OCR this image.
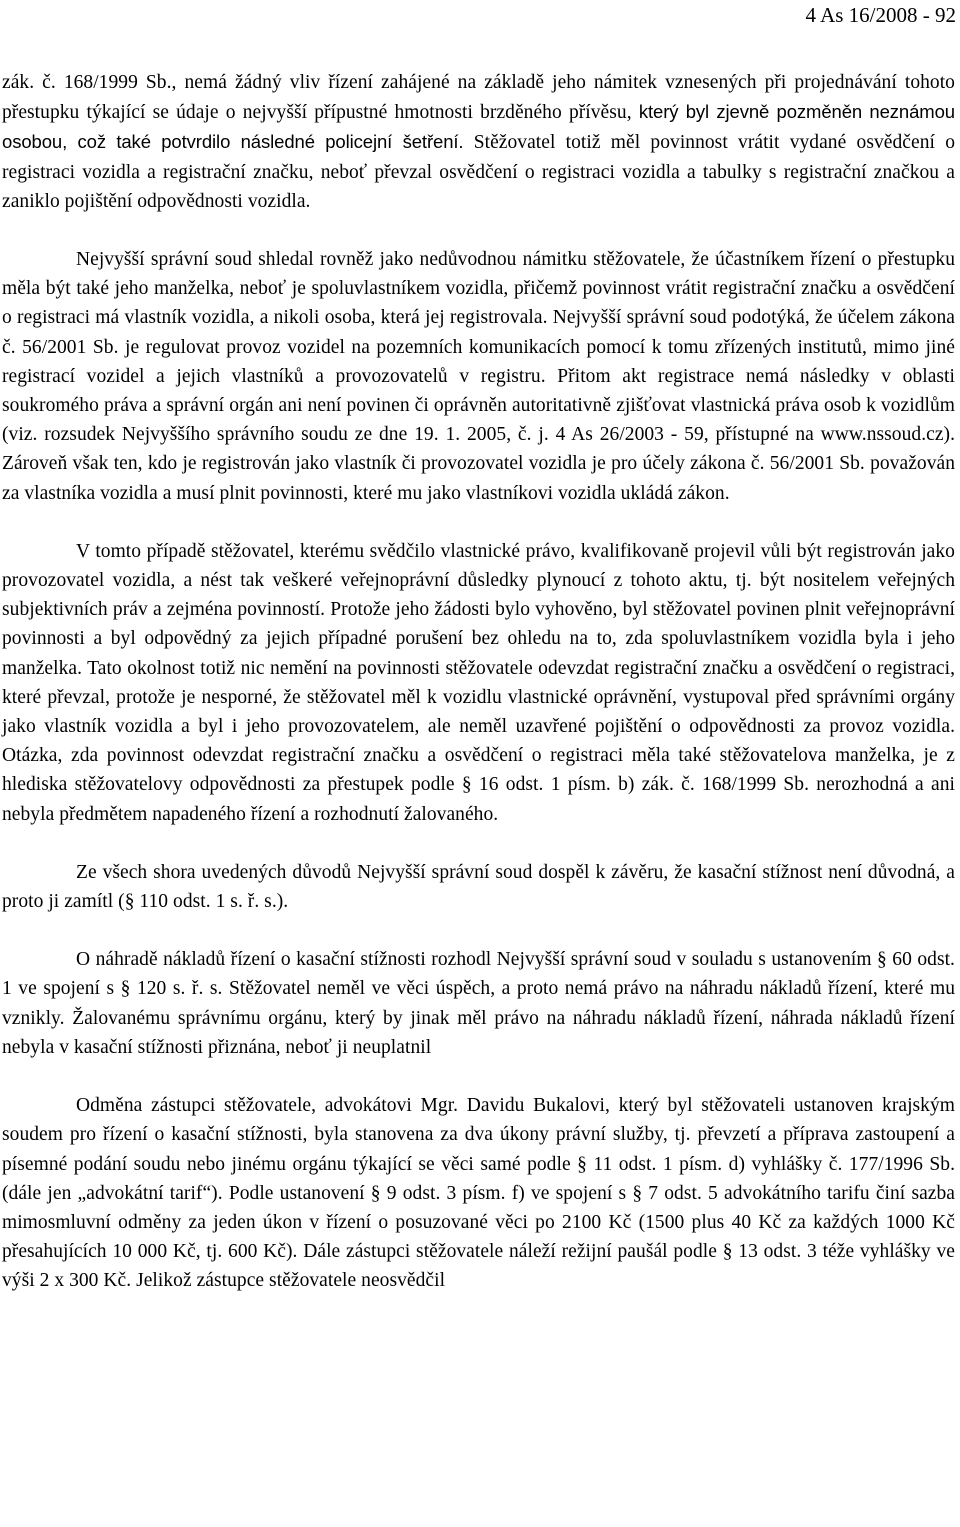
4 As 16/2008 - 92

zák. č. 168/1999 Sb., nemá žádný vliv řízení zahájené na základě jeho námitek vznesených při projednávání tohoto přestupku týkající se údaje o nejvyšší přípustné hmotnosti brzděného přívěsu, který byl zjevně pozměněn neznámou osobou, což také potvrdilo následné policejní šetření. Stěžovatel totiž měl povinnost vrátit vydané osvědčení o registraci vozidla a registrační značku, neboť převzal osvědčení o registraci vozidla a tabulky s registrační značkou a zaniklo pojištění odpovědnosti vozidla.

Nejvyšší správní soud shledal rovněž jako nedůvodnou námitku stěžovatele, že účastníkem řízení o přestupku měla být také jeho manželka, neboť je spoluvlastníkem vozidla, přičemž povinnost vrátit registrační značku a osvědčení o registraci má vlastník vozidla, a nikoli osoba, která jej registrovala. Nejvyšší správní soud podotýká, že účelem zákona č. 56/2001 Sb. je regulovat provoz vozidel na pozemních komunikacích pomocí k tomu zřízených institutů, mimo jiné registrací vozidel a jejich vlastníků a provozovatelů v registru. Přitom akt registrace nemá následky v oblasti soukromého práva a správní orgán ani není povinen či oprávněn autoritativně zjišťovat vlastnická práva osob k vozidlům (viz. rozsudek Nejvyššího správního soudu ze dne 19. 1. 2005, č. j. 4 As 26/2003 - 59, přístupné na www.nssoud.cz). Zároveň však ten, kdo je registrován jako vlastník či provozovatel vozidla je pro účely zákona č. 56/2001 Sb. považován za vlastníka vozidla a musí plnit povinnosti, které mu jako vlastníkovi vozidla ukládá zákon.

V tomto případě stěžovatel, kterému svědčilo vlastnické právo, kvalifikovaně projevil vůli být registrován jako provozovatel vozidla, a nést tak veškeré veřejnoprávní důsledky plynoucí z tohoto aktu, tj. být nositelem veřejných subjektivních práv a zejména povinností. Protože jeho žádosti bylo vyhověno, byl stěžovatel povinen plnit veřejnoprávní povinnosti a byl odpovědný za jejich případné porušení bez ohledu na to, zda spoluvlastníkem vozidla byla i jeho manželka. Tato okolnost totiž nic nemění na povinnosti stěžovatele odevzdat registrační značku a osvědčení o registraci, které převzal, protože je nesporné, že stěžovatel měl k vozidlu vlastnické oprávnění, vystupoval před správními orgány jako vlastník vozidla a byl i jeho provozovatelem, ale neměl uzavřené pojištění o odpovědnosti za provoz vozidla. Otázka, zda povinnost odevzdat registrační značku a osvědčení o registraci měla také stěžovatelova manželka, je z hlediska stěžovatelovy odpovědnosti za přestupek podle § 16 odst. 1 písm. b) zák. č. 168/1999 Sb. nerozhodná a ani nebyla předmětem napadeného řízení a rozhodnutí žalovaného.

Ze všech shora uvedených důvodů Nejvyšší správní soud dospěl k závěru, že kasační stížnost není důvodná, a proto ji zamítl (§ 110 odst. 1 s. ř. s.).

O náhradě nákladů řízení o kasační stížnosti rozhodl Nejvyšší správní soud v souladu s ustanovením § 60 odst. 1 ve spojení s § 120 s. ř. s. Stěžovatel neměl ve věci úspěch, a proto nemá právo na náhradu nákladů řízení, které mu vznikly. Žalovanému správnímu orgánu, který by jinak měl právo na náhradu nákladů řízení, náhrada nákladů řízení nebyla v kasační stížnosti přiznána, neboť ji neuplatnil

Odměna zástupci stěžovatele, advokátovi Mgr. Davidu Bukalovi, který byl stěžovateli ustanoven krajským soudem pro řízení o kasační stížnosti, byla stanovena za dva úkony právní služby, tj. převzetí a příprava zastoupení a písemné podání soudu nebo jinému orgánu týkající se věci samé podle § 11 odst. 1 písm. d) vyhlášky č. 177/1996 Sb. (dále jen „advokátní tarif“). Podle ustanovení § 9 odst. 3 písm. f) ve spojení s § 7 odst. 5 advokátního tarifu činí sazba mimosmluvní odměny za jeden úkon v řízení o posuzované věci po 2100 Kč (1500 plus 40 Kč za každých 1000 Kč přesahujících 10 000 Kč, tj. 600 Kč). Dále zástupci stěžovatele náleží režijní paušál podle § 13 odst. 3 téže vyhlášky ve výši 2 x 300 Kč. Jelikož zástupce stěžovatele neosvědčil
